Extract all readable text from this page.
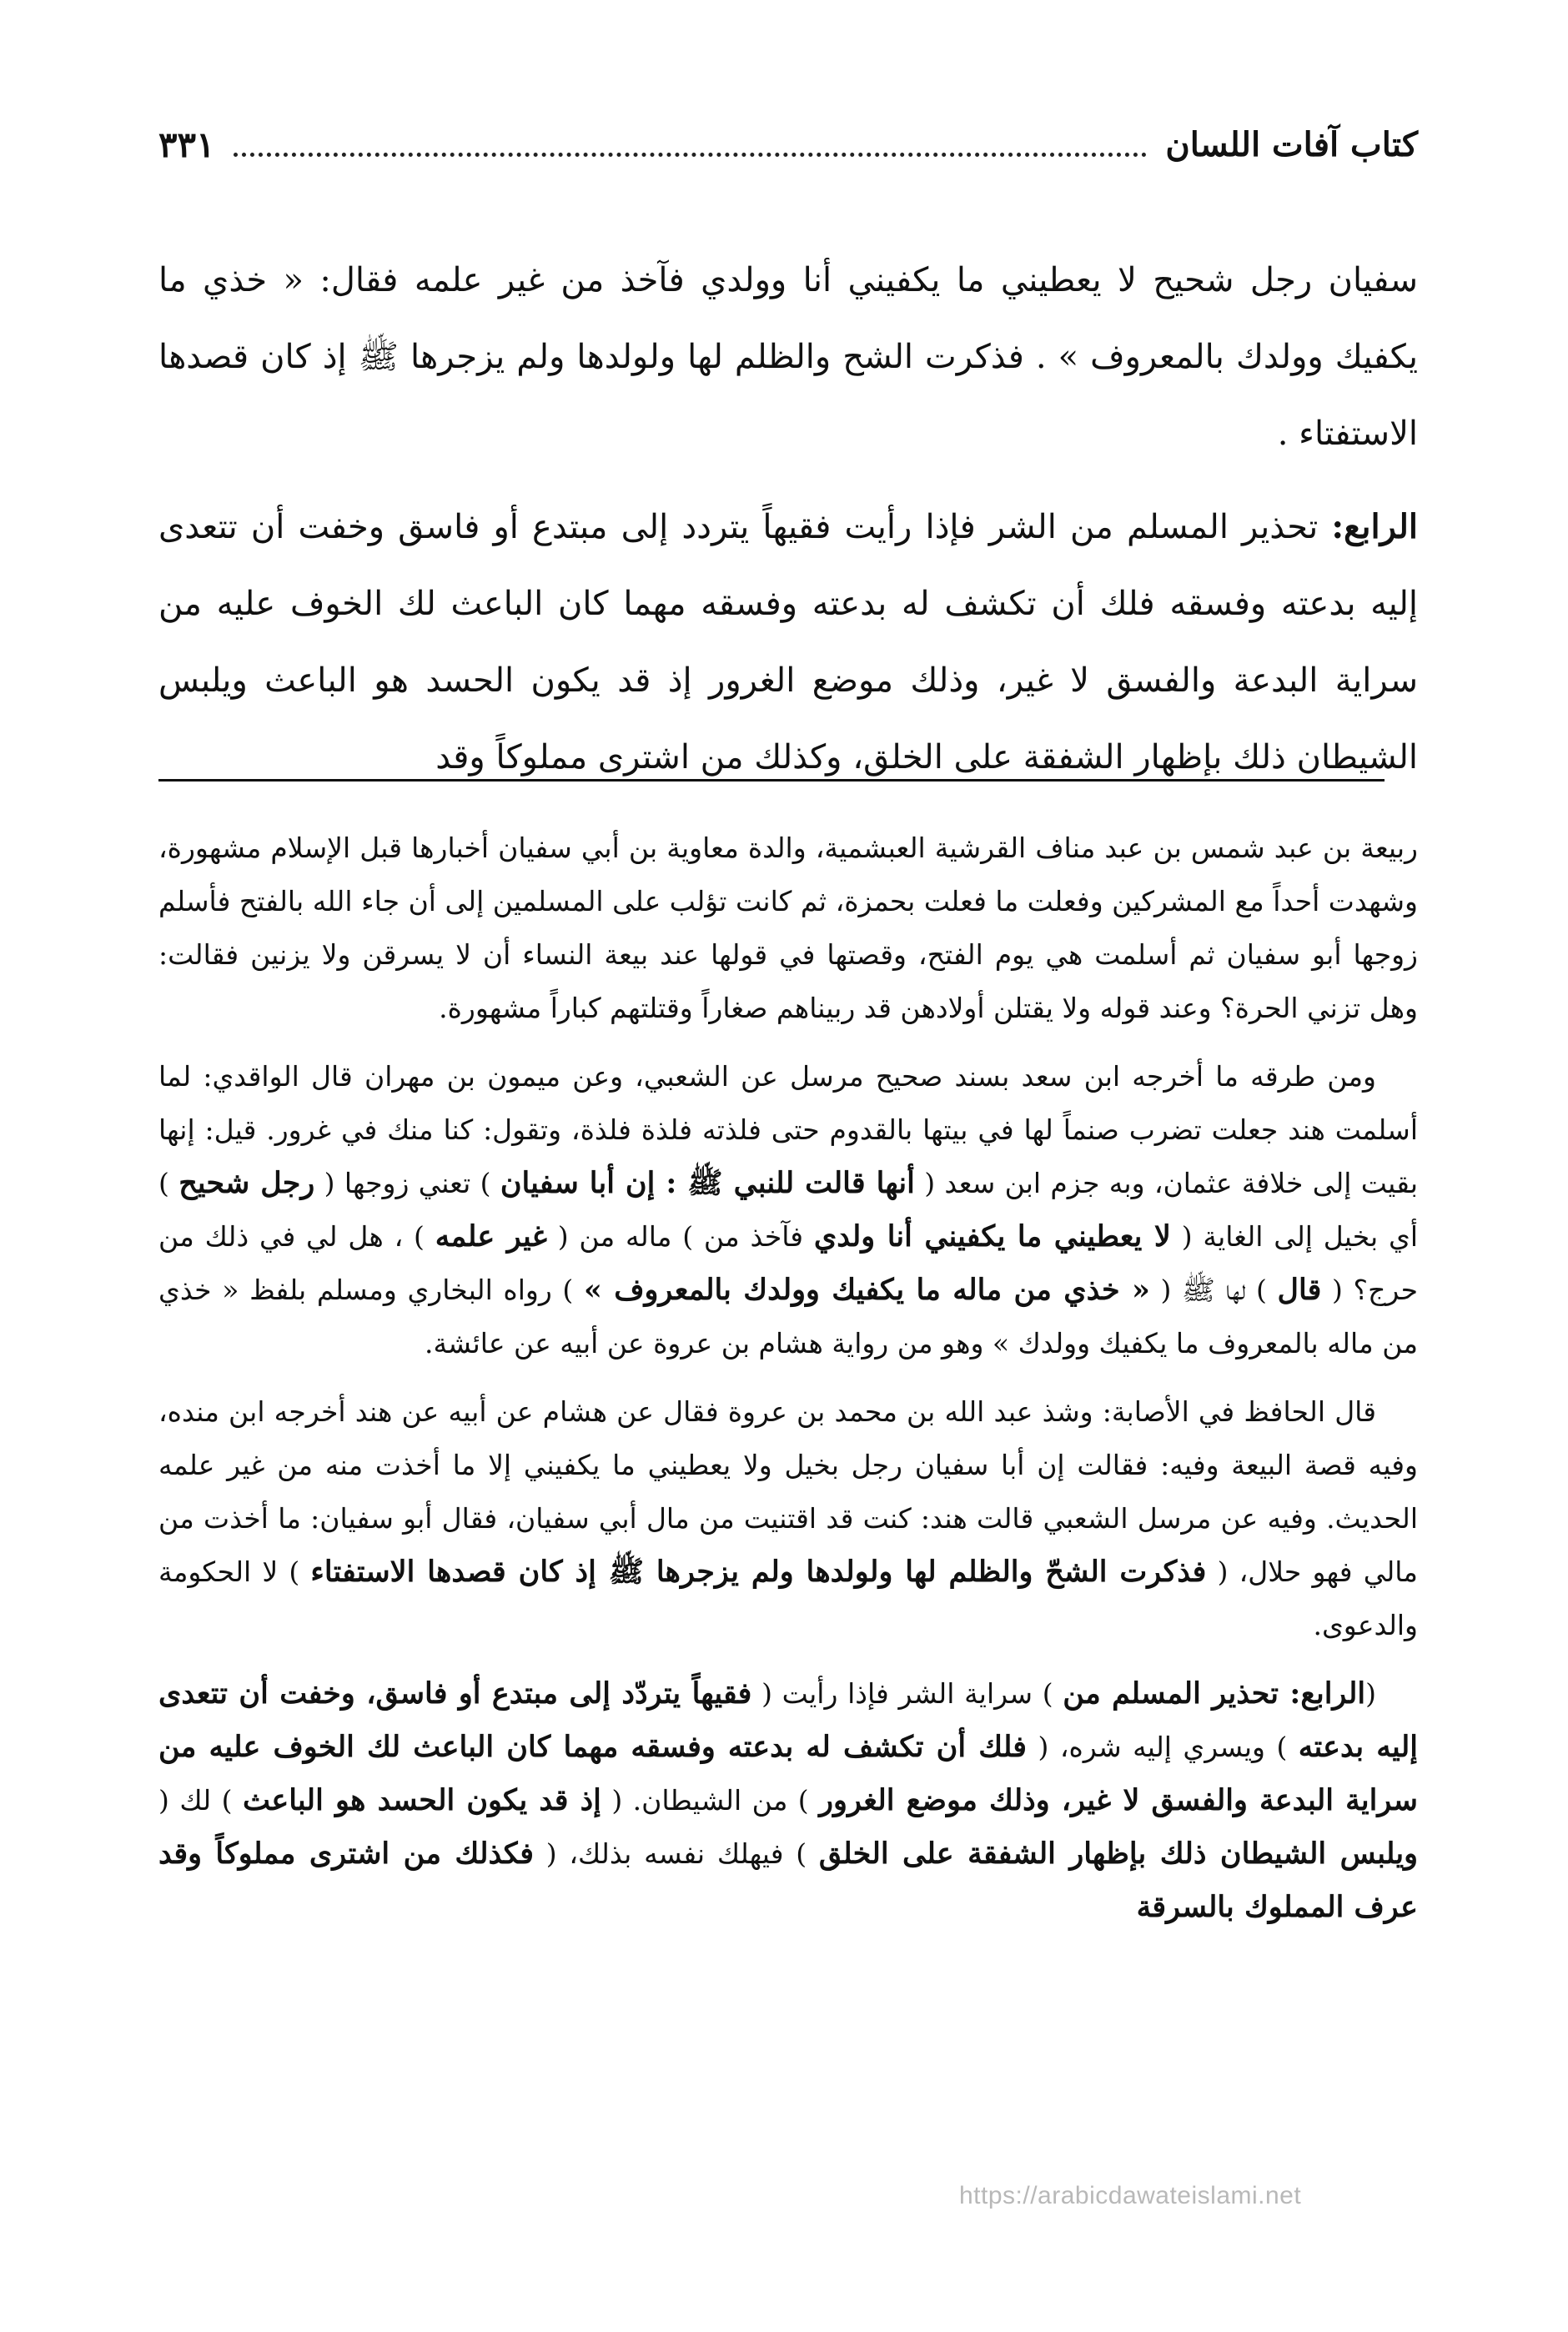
كتاب آفات اللسان
٣٣١

سفيان رجل شحيح لا يعطيني ما يكفيني أنا وولدي فآخذ من غير علمه فقال: « خذي ما يكفيك وولدك بالمعروف » . فذكرت الشح والظلم لها ولولدها ولم يزجرها ﷺ إذ كان قصدها الاستفتاء .

الرابع: تحذير المسلم من الشر فإذا رأيت فقيهاً يتردد إلى مبتدع أو فاسق وخفت أن تتعدى إليه بدعته وفسقه فلك أن تكشف له بدعته وفسقه مهما كان الباعث لك الخوف عليه من سراية البدعة والفسق لا غير، وذلك موضع الغرور إذ قد يكون الحسد هو الباعث ويلبس الشيطان ذلك بإظهار الشفقة على الخلق، وكذلك من اشترى مملوكاً وقد

ربيعة بن عبد شمس بن عبد مناف القرشية العبشمية، والدة معاوية بن أبي سفيان أخبارها قبل الإسلام مشهورة، وشهدت أحداً مع المشركين وفعلت ما فعلت بحمزة، ثم كانت تؤلب على المسلمين إلى أن جاء الله بالفتح فأسلم زوجها أبو سفيان ثم أسلمت هي يوم الفتح، وقصتها في قولها عند بيعة النساء أن لا يسرقن ولا يزنين فقالت: وهل تزني الحرة؟ وعند قوله ولا يقتلن أولادهن قد ربيناهم صغاراً وقتلتهم كباراً مشهورة.

ومن طرقه ما أخرجه ابن سعد بسند صحيح مرسل عن الشعبي، وعن ميمون بن مهران قال الواقدي: لما أسلمت هند جعلت تضرب صنماً لها في بيتها بالقدوم حتى فلذته فلذة فلذة، وتقول: كنا منك في غرور. قيل: إنها بقيت إلى خلافة عثمان، وبه جزم ابن سعد ( أنها قالت للنبي ﷺ : إن أبا سفيان ) تعني زوجها ( رجل شحيح ) أي بخيل إلى الغاية ( لا يعطيني ما يكفيني أنا ولدي فآخذ من ) ماله من ( غير علمه ) ، هل لي في ذلك من حرج؟ ( قال ) لها ﷺ ( « خذي من ماله ما يكفيك وولدك بالمعروف » ) رواه البخاري ومسلم بلفظ « خذي من ماله بالمعروف ما يكفيك وولدك » وهو من رواية هشام بن عروة عن أبيه عن عائشة.

قال الحافظ في الأصابة: وشذ عبد الله بن محمد بن عروة فقال عن هشام عن أبيه عن هند أخرجه ابن منده، وفيه قصة البيعة وفيه: فقالت إن أبا سفيان رجل بخيل ولا يعطيني ما يكفيني إلا ما أخذت منه من غير علمه الحديث. وفيه عن مرسل الشعبي قالت هند: كنت قد اقتنيت من مال أبي سفيان، فقال أبو سفيان: ما أخذت من مالي فهو حلال، ( فذكرت الشحّ والظلم لها ولولدها ولم يزجرها ﷺ إذ كان قصدها الاستفتاء ) لا الحكومة والدعوى.

(الرابع: تحذير المسلم من ) سراية الشر فإذا رأيت ( فقيهاً يتردّد إلى مبتدع أو فاسق، وخفت أن تتعدى إليه بدعته ) ويسري إليه شره، ( فلك أن تكشف له بدعته وفسقه مهما كان الباعث لك الخوف عليه من سراية البدعة والفسق لا غير، وذلك موضع الغرور ) من الشيطان. ( إذ قد يكون الحسد هو الباعث ) لك ( ويلبس الشيطان ذلك بإظهار الشفقة على الخلق ) فيهلك نفسه بذلك، ( فكذلك من اشترى مملوكاً وقد عرف المملوك بالسرقة

https://arabicdawateislami.net
